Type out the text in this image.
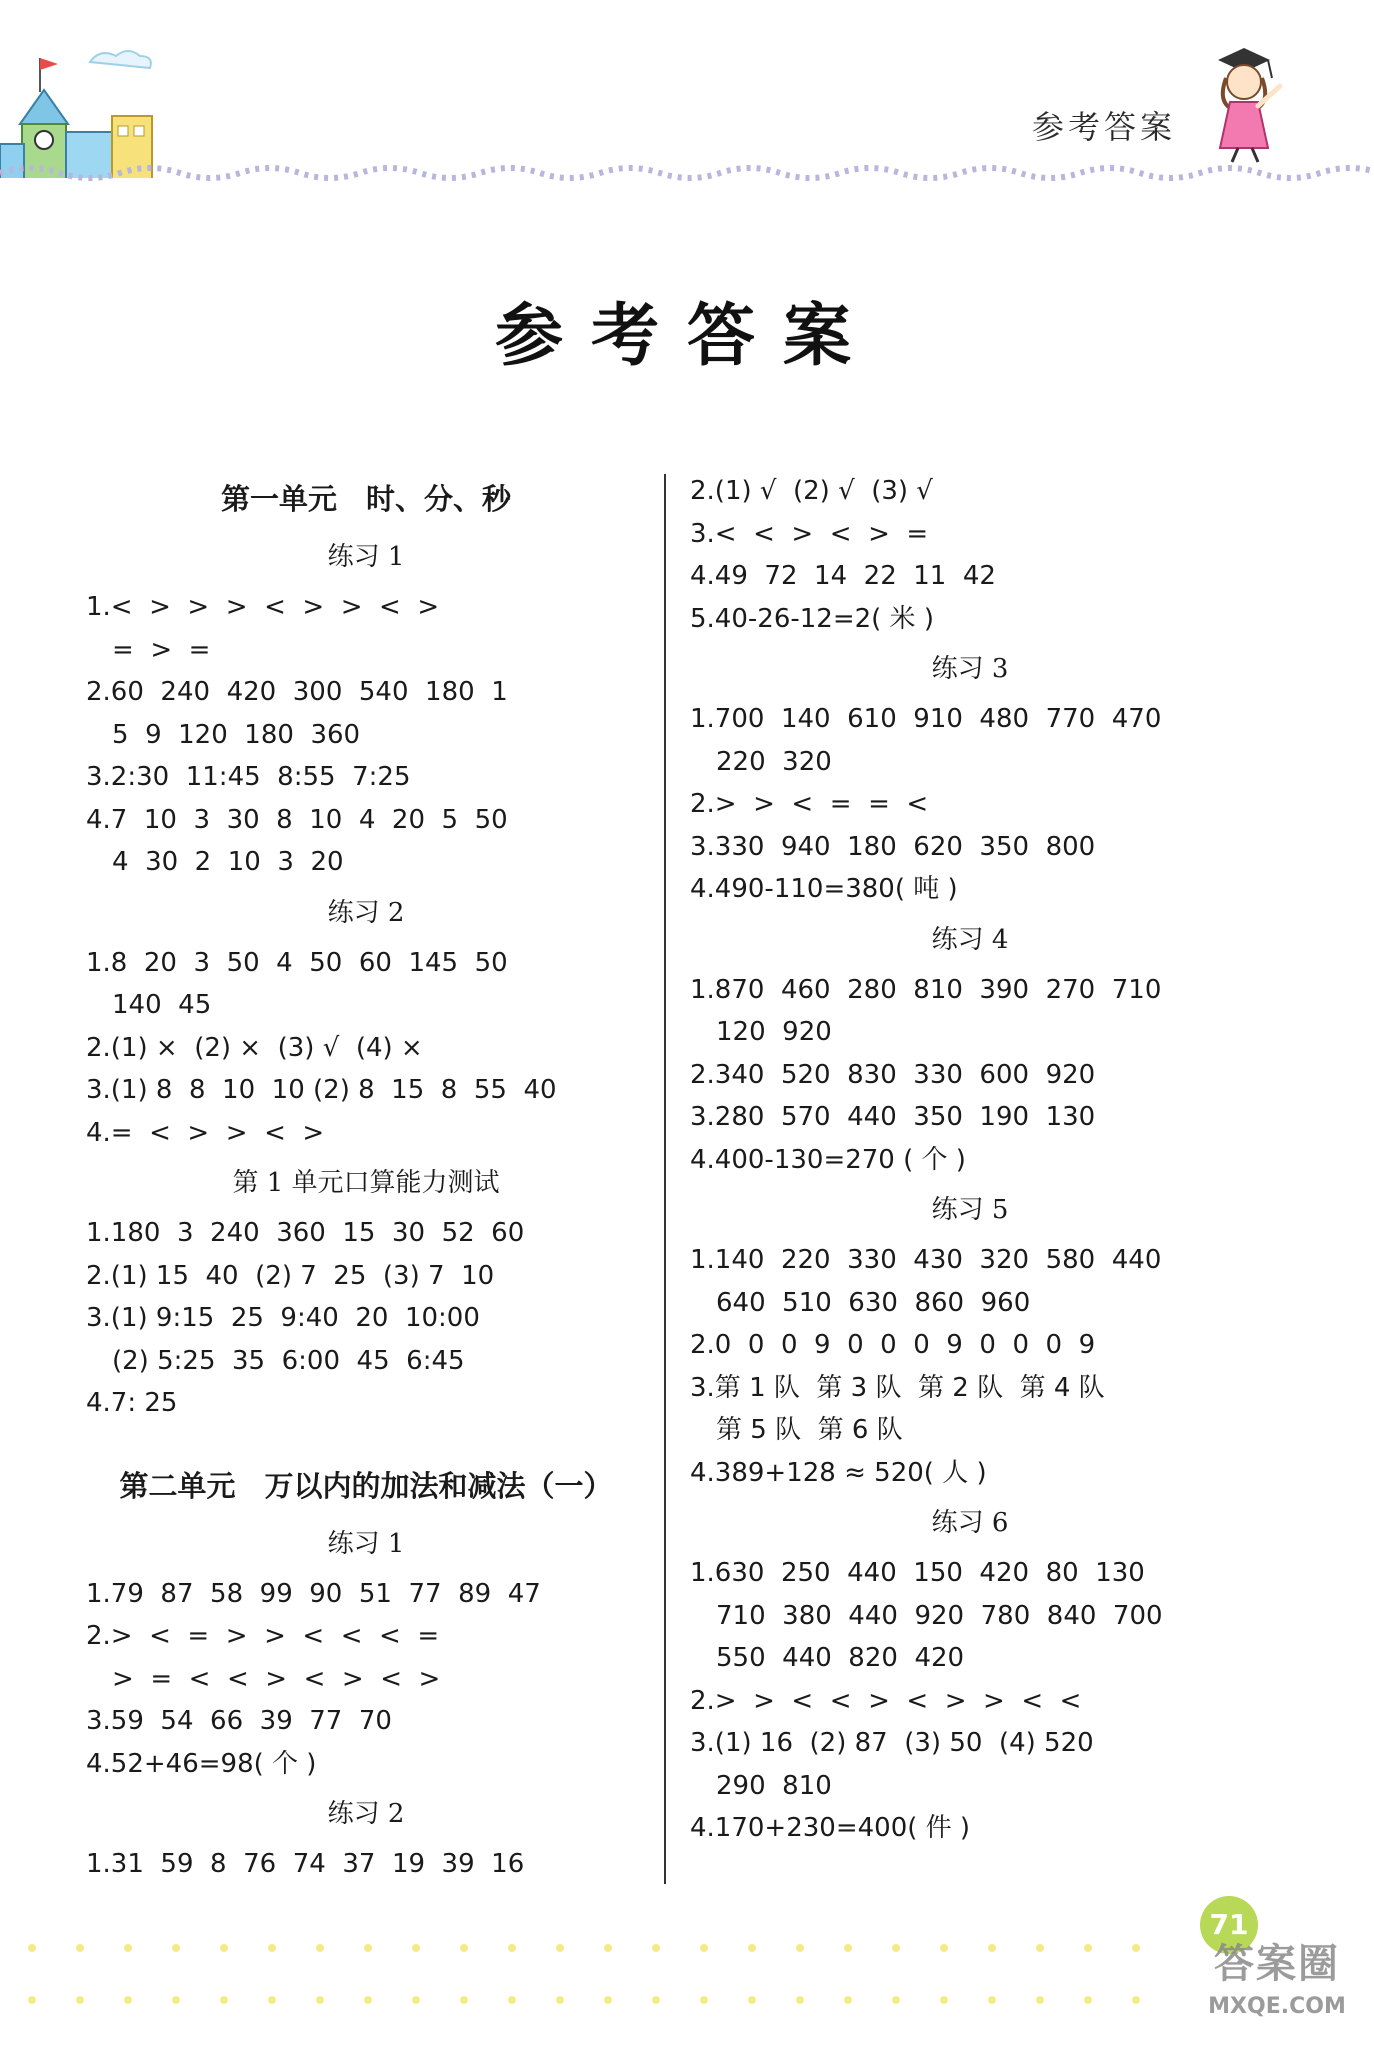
参考答案
参考答案

第一单元　时、分、秒

练习 1

1.<  >  >  >  <  >  >  <  >

=  >  =

2.60  240  420  300  540  180  1

5  9  120  180  360

3.2:30  11:45  8:55  7:25

4.7  10  3  30  8  10  4  20  5  50

4  30  2  10  3  20

练习 2

1.8  20  3  50  4  50  60  145  50

140  45

2.(1) ×  (2) ×  (3) √  (4) ×

3.(1) 8  8  10  10 (2) 8  15  8  55  40

4.=  <  >  >  <  >

第 1 单元口算能力测试

1.180  3  240  360  15  30  52  60

2.(1) 15  40  (2) 7  25  (3) 7  10

3.(1) 9:15  25  9:40  20  10:00

(2) 5:25  35  6:00  45  6:45

4.7: 25

第二单元　万以内的加法和减法（一）

练习 1

1.79  87  58  99  90  51  77  89  47

2.>  <  =  >  >  <  <  <  =

>  =  <  <  >  <  >  <  >

3.59  54  66  39  77  70

4.52+46=98( 个 )

练习 2

1.31  59  8  76  74  37  19  39  16

2.(1) √  (2) √  (3) √

3.<  <  >  <  >  =

4.49  72  14  22  11  42

5.40-26-12=2( 米 )

练习 3

1.700  140  610  910  480  770  470

220  320

2.>  >  <  =  =  <

3.330  940  180  620  350  800

4.490-110=380( 吨 )

练习 4

1.870  460  280  810  390  270  710

120  920

2.340  520  830  330  600  920

3.280  570  440  350  190  130

4.400-130=270 ( 个 )

练习 5

1.140  220  330  430  320  580  440

640  510  630  860  960

2.0  0  0  9  0  0  0  9  0  0  0  9

3.第 1 队  第 3 队  第 2 队  第 4 队

第 5 队  第 6 队

4.389+128 ≈ 520( 人 )

练习 6

1.630  250  440  150  420  80  130

710  380  440  920  780  840  700

550  440  820  420

2.>  >  <  <  >  <  >  >  <  <

3.(1) 16  (2) 87  (3) 50  (4) 520

290  810

4.170+230=400( 件 )

71
答案圈
MXQE.COM
